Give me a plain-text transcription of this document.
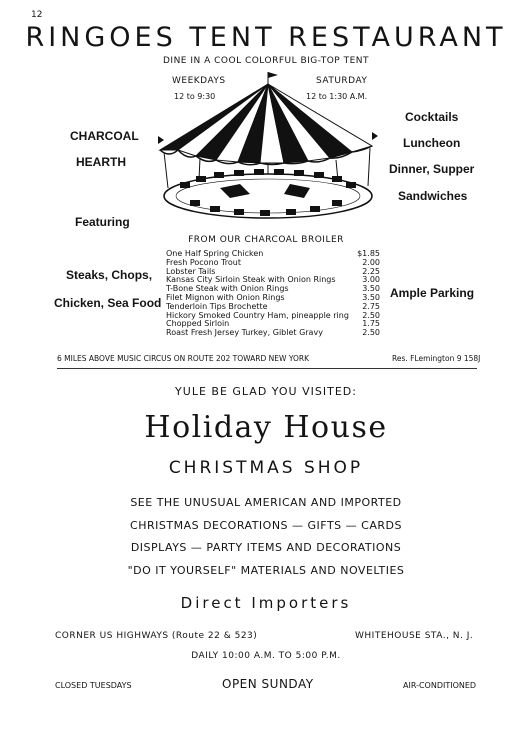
12
RINGOES TENT RESTAURANT
DINE IN A COOL COLORFUL BIG-TOP TENT
WEEKDAYS
12 to 9:30
SATURDAY
12 to 1:30 A.M.
CHARCOAL
HEARTH
Featuring
Steaks, Chops,
Chicken, Sea Food
Cocktails
Luncheon
Dinner, Supper
Sandwiches
Ample Parking
FROM OUR CHARCOAL BROILER
One Half Spring Chicken	$1.85
Fresh Pocono Trout	2.00
Lobster Tails	2.25
Kansas City Sirloin Steak with Onion Rings	3.00
T-Bone Steak with Onion Rings	3.50
Filet Mignon with Onion Rings	3.50
Tenderloin Tips Brochette	2.75
Hickory Smoked Country Ham, pineapple ring 2.50
Chopped Sirloin	1.75
Roast Fresh Jersey Turkey, Giblet Gravy	2.50
6 MILES ABOVE MUSIC CIRCUS ON ROUTE 202 TOWARD NEW YORK	Res. FLemington 9 158J
YULE BE GLAD YOU VISITED:
Holiday House
CHRISTMAS SHOP
SEE THE UNUSUAL AMERICAN AND IMPORTED
CHRISTMAS DECORATIONS — GIFTS — CARDS
DISPLAYS — PARTY ITEMS AND DECORATIONS
"DO IT YOURSELF" MATERIALS AND NOVELTIES
Direct Importers
CORNER US HIGHWAYS (Route 22 & 523)	WHITEHOUSE STA., N. J.
DAILY 10:00 A.M. TO 5:00 P.M.
CLOSED TUESDAYS	OPEN SUNDAY	AIR-CONDITIONED
